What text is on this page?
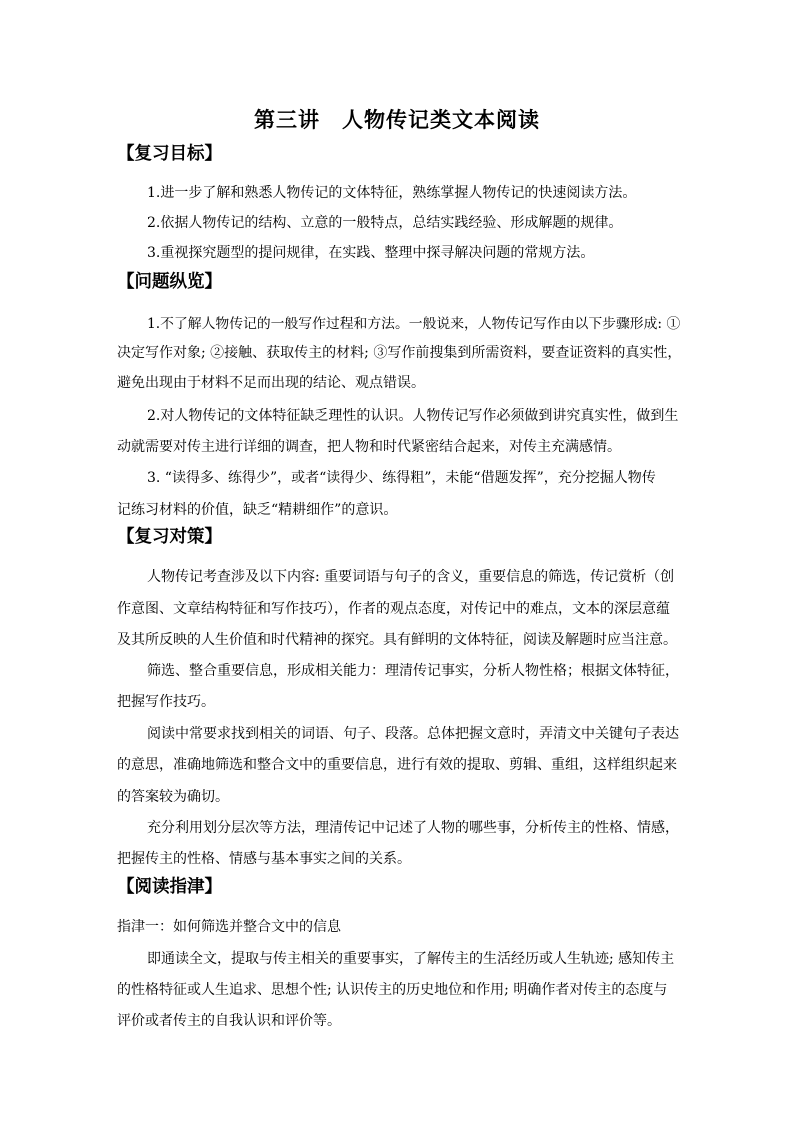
第三讲　人物传记类文本阅读
【复习目标】
1.进一步了解和熟悉人物传记的文体特征，熟练掌握人物传记的快速阅读方法。
2.依据人物传记的结构、立意的一般特点，总结实践经验、形成解题的规律。
3.重视探究题型的提问规律，在实践、整理中探寻解决问题的常规方法。
【问题纵览】
1.不了解人物传记的一般写作过程和方法。一般说来，人物传记写作由以下步骤形成: ①
决定写作对象; ②接触、获取传主的材料; ③写作前搜集到所需资料，要查证资料的真实性，
避免出现由于材料不足而出现的结论、观点错误。
2.对人物传记的文体特征缺乏理性的认识。人物传记写作必须做到讲究真实性，做到生
动就需要对传主进行详细的调查，把人物和时代紧密结合起来，对传主充满感情。
3. “读得多、练得少”，或者“读得少、练得粗”，未能“借题发挥”，充分挖掘人物传
记练习材料的价值，缺乏“精耕细作”的意识。
【复习对策】
人物传记考查涉及以下内容: 重要词语与句子的含义，重要信息的筛选，传记赏析（创
作意图、文章结构特征和写作技巧），作者的观点态度，对传记中的难点，文本的深层意蕴
及其所反映的人生价值和时代精神的探究。具有鲜明的文体特征，阅读及解题时应当注意。
筛选、整合重要信息，形成相关能力：理清传记事实，分析人物性格；根据文体特征，
把握写作技巧。
阅读中常要求找到相关的词语、句子、段落。总体把握文意时，弄清文中关键句子表达
的意思，准确地筛选和整合文中的重要信息，进行有效的提取、剪辑、重组，这样组织起来
的答案较为确切。
充分利用划分层次等方法，理清传记中记述了人物的哪些事，分析传主的性格、情感，
把握传主的性格、情感与基本事实之间的关系。
【阅读指津】
指津一：如何筛选并整合文中的信息
即通读全文，提取与传主相关的重要事实，了解传主的生活经历或人生轨迹; 感知传主
的性格特征或人生追求、思想个性; 认识传主的历史地位和作用; 明确作者对传主的态度与
评价或者传主的自我认识和评价等。
